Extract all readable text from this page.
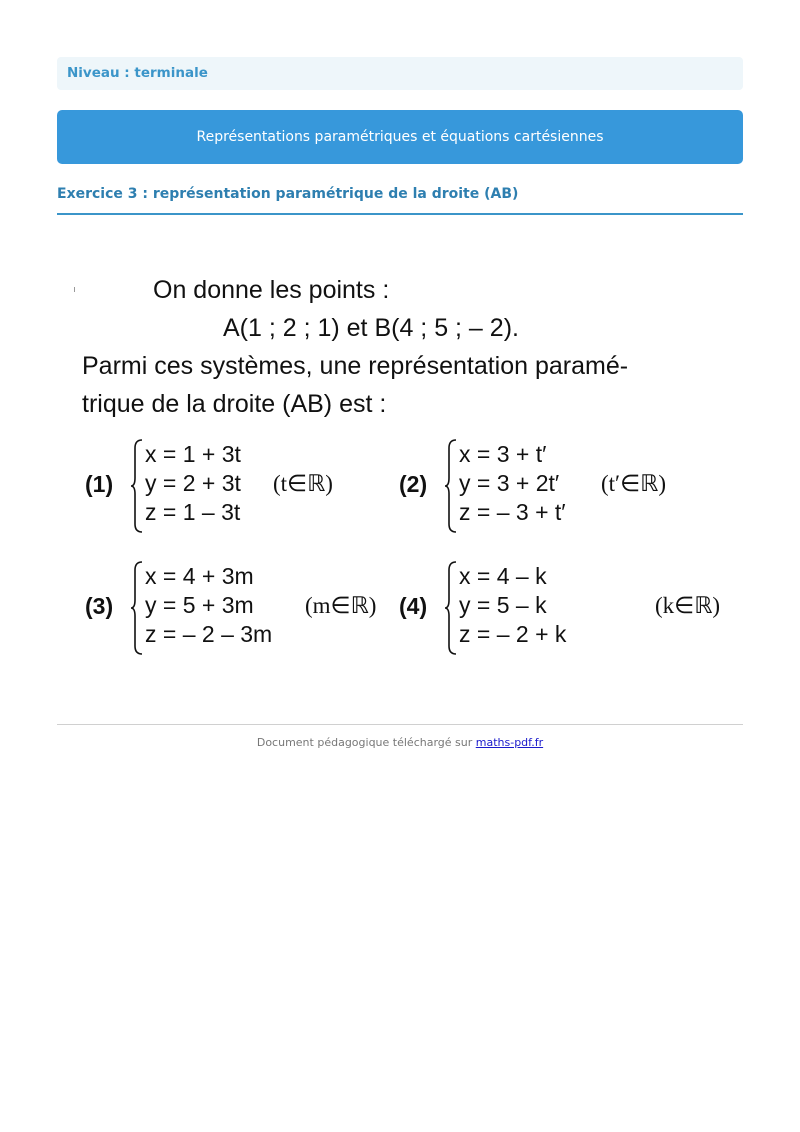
Niveau : terminale
Représentations paramétriques et équations cartésiennes
Exercice 3 : représentation paramétrique de la droite (AB)
On donne les points :
A(1 ; 2 ; 1) et B(4 ; 5 ; – 2).
Parmi ces systèmes, une représentation paramé-
trique de la droite (AB) est :
(1)
x = 1 + 3t
y = 2 + 3t
z = 1 – 3t
(t∈ℝ)	(2)
x = 3 + t′
y = 3 + 2t′
z = – 3 + t′
(t′∈ℝ)
(3)
x = 4 + 3m
y = 5 + 3m
z = – 2 – 3m
(m∈ℝ) (4)
x = 4 – k
y = 5 – k
z = – 2 + k
(k∈ℝ)
Document pédagogique téléchargé sur maths-pdf.fr
